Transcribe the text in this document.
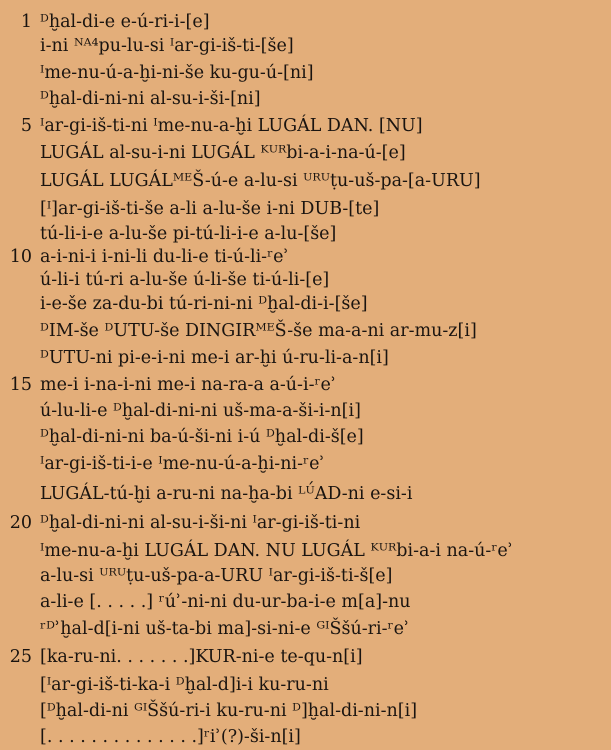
1 ᴰḫal-di-e e-ú-ri-i-[e]
i-ni ᴺᴬ⁴pu-lu-si ᴵar-gi-iš-ti-[še]
ᴵme-nu-ú-a-ḫi-ni-še ku-gu-ú-[ni]
ᴰḫal-di-ni-ni al-su-i-ši-[ni]
5 ᴵar-gi-iš-ti-ni ᴵme-nu-a-ḫi LUGÁL DAN. [NU]
LUGÁL al-su-i-ni LUGÁL ᴷᵁᴿbi-a-i-na-ú-[e]
LUGÁL LUGÁLᴹᴱŠ-ú-e a-lu-si ᵁᴿᵁṭu-uš-pa-[a-URU]
[ᴵ]ar-gi-iš-ti-še a-li a-lu-še i-ni DUB-[te]
tú-li-i-e a-lu-še pi-tú-li-i-e a-lu-[še]
10 a-i-ni-i i-ni-li du-li-e ti-ú-li-ʳeʾ
ú-li-i tú-ri a-lu-še ú-li-še ti-ú-li-[e]
i-e-še za-du-bi tú-ri-ni-ni ᴰḫal-di-i-[še]
ᴰIM-še ᴰUTU-še DINGIRᴹᴱŠ-še ma-a-ni ar-mu-z[i]
ᴰUTU-ni pi-e-i-ni me-i ar-ḫi ú-ru-li-a-n[i]
15 me-i i-na-i-ni me-i na-ra-a a-ú-i-ʳeʾ
ú-lu-li-e ᴰḫal-di-ni-ni uš-ma-a-ši-i-n[i]
ᴰḫal-di-ni-ni ba-ú-ši-ni i-ú ᴰḫal-di-š[e]
ᴵar-gi-iš-ti-i-e ᴵme-nu-ú-a-ḫi-ni-ʳeʾ
LUGÁL-tú-ḫi a-ru-ni na-ḫa-bi ᴸᵁ́AD-ni e-si-i
20 ᴰḫal-di-ni-ni al-su-i-ši-ni ᴵar-gi-iš-ti-ni
ᴵme-nu-a-ḫi LUGÁL DAN. NU LUGÁL ᴷᵁᴿbi-a-i na-ú-ʳeʾ
a-lu-si ᵁᴿᵁṭu-uš-pa-a-URU ᴵar-gi-iš-ti-š[e]
a-li-e [. . . . .] ʳúʾ-ni-ni du-ur-ba-i-e m[a]-nu
ʳᴰʾḫal-d[i-ni uš-ta-bi ma]-si-ni-e ᴳᴵŠšú-ri-ʳeʾ
25 [ka-ru-ni. . . . . . .]KUR-ni-e te-qu-n[i]
[ᴵar-gi-iš-ti-ka-i ᴰḫal-d]i-i ku-ru-ni
[ᴰḫal-di-ni ᴳᴵŠšú-ri-i ku-ru-ni ᴰ]ḫal-di-ni-n[i]
[. . . . . . . . . . . . . .]ʳiʾ(?)-ši-n[i]
